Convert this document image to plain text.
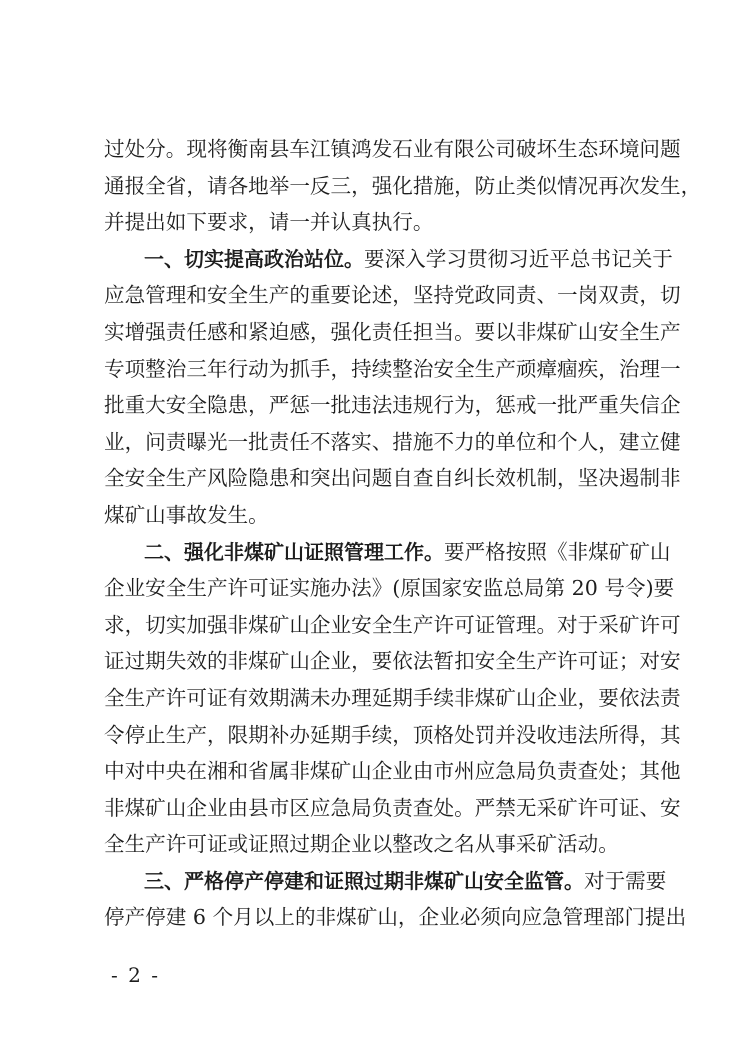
过处分。现将衡南县车江镇鸿发石业有限公司破坏生态环境问题
通报全省，请各地举一反三，强化措施，防止类似情况再次发生，
并提出如下要求，请一并认真执行。
一、切实提高政治站位。要深入学习贯彻习近平总书记关于
应急管理和安全生产的重要论述，坚持党政同责、一岗双责，切
实增强责任感和紧迫感，强化责任担当。要以非煤矿山安全生产
专项整治三年行动为抓手，持续整治安全生产顽瘴痼疾，治理一
批重大安全隐患，严惩一批违法违规行为，惩戒一批严重失信企
业，问责曝光一批责任不落实、措施不力的单位和个人，建立健
全安全生产风险隐患和突出问题自查自纠长效机制，坚决遏制非
煤矿山事故发生。
二、强化非煤矿山证照管理工作。要严格按照《非煤矿矿山
企业安全生产许可证实施办法》(原国家安监总局第 20 号令)要
求，切实加强非煤矿山企业安全生产许可证管理。对于采矿许可
证过期失效的非煤矿山企业，要依法暂扣安全生产许可证；对安
全生产许可证有效期满未办理延期手续非煤矿山企业，要依法责
令停止生产，限期补办延期手续，顶格处罚并没收违法所得，其
中对中央在湘和省属非煤矿山企业由市州应急局负责查处；其他
非煤矿山企业由县市区应急局负责查处。严禁无采矿许可证、安
全生产许可证或证照过期企业以整改之名从事采矿活动。
三、严格停产停建和证照过期非煤矿山安全监管。对于需要
停产停建 6 个月以上的非煤矿山，企业必须向应急管理部门提出
- 2 -
